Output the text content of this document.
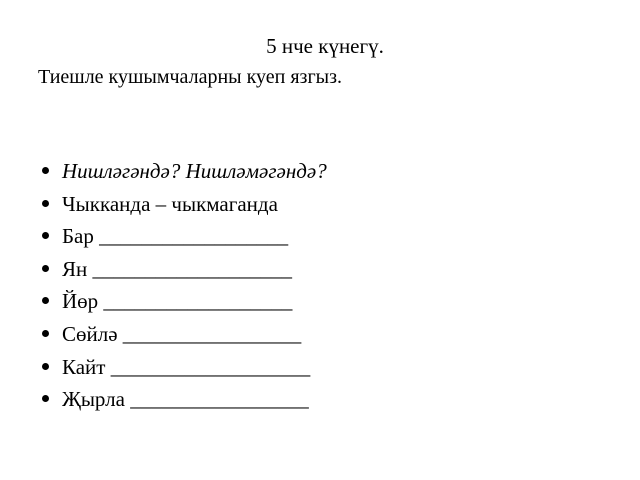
5 нче күнегү.
Тиешле кушымчаларны куеп язгыз.
Нишләгәндә? Нишләмәгәндә?
Чыкканда – чыкмаганда
Бар __________________
Ян ___________________
Йөр __________________
Сөйлә _________________
Кайт ___________________
Җырла _________________
